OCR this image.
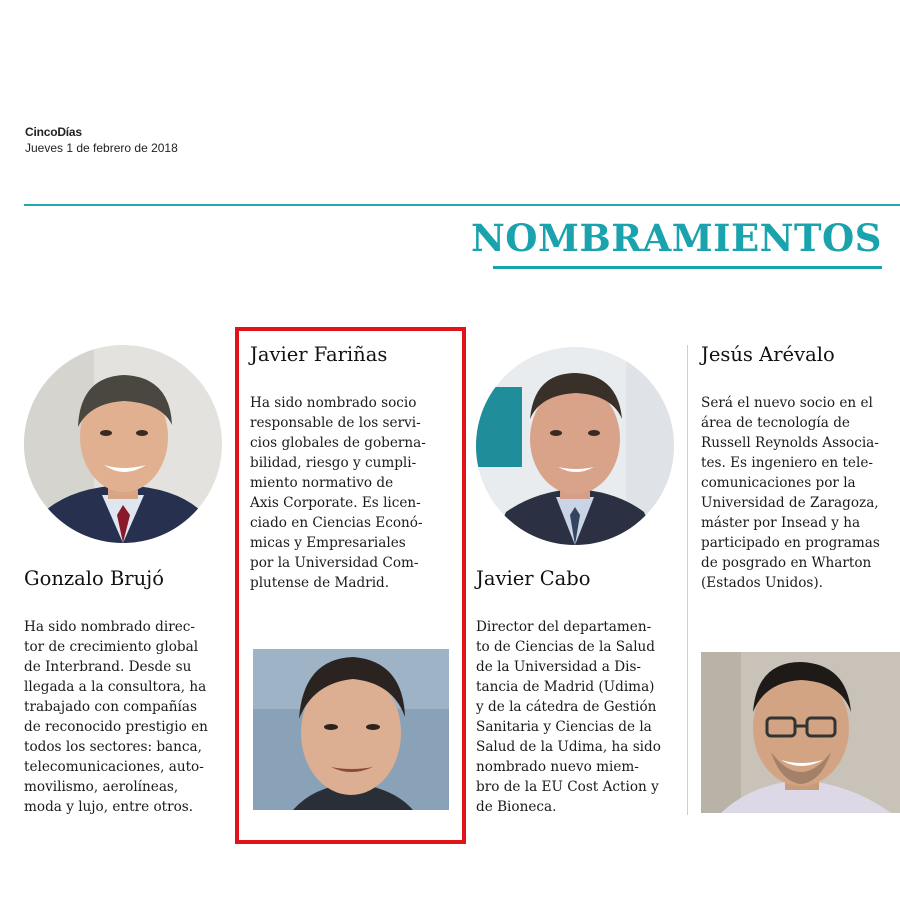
CincoDías
Jueves 1 de febrero de 2018
NOMBRAMIENTOS
Gonzalo Brujó

Ha sido nombrado direc-
tor de crecimiento global
de Interbrand. Desde su
llegada a la consultora, ha
trabajado con compañías
de reconocido prestigio en
todos los sectores: banca,
telecomunicaciones, auto-
movilismo, aerolíneas,
moda y lujo, entre otros.

Javier Fariñas

Ha sido nombrado socio
responsable de los servi-
cios globales de goberna-
bilidad, riesgo y cumpli-
miento normativo de
Axis Corporate. Es licen-
ciado en Ciencias Econó-
micas y Empresariales
por la Universidad Com-
plutense de Madrid.	Javier Cabo

Director del departamen-
to de Ciencias de la Salud
de la Universidad a Dis-
tancia de Madrid (Udima)
y de la cátedra de Gestión
Sanitaria y Ciencias de la
Salud de la Udima, ha sido
nombrado nuevo miem-
bro de la EU Cost Action y
de Bioneca.

Jesús Arévalo

Será el nuevo socio en el
área de tecnología de
Russell Reynolds Associa-
tes. Es ingeniero en tele-
comunicaciones por la
Universidad de Zaragoza,
máster por Insead y ha
participado en programas
de posgrado en Wharton
(Estados Unidos).
